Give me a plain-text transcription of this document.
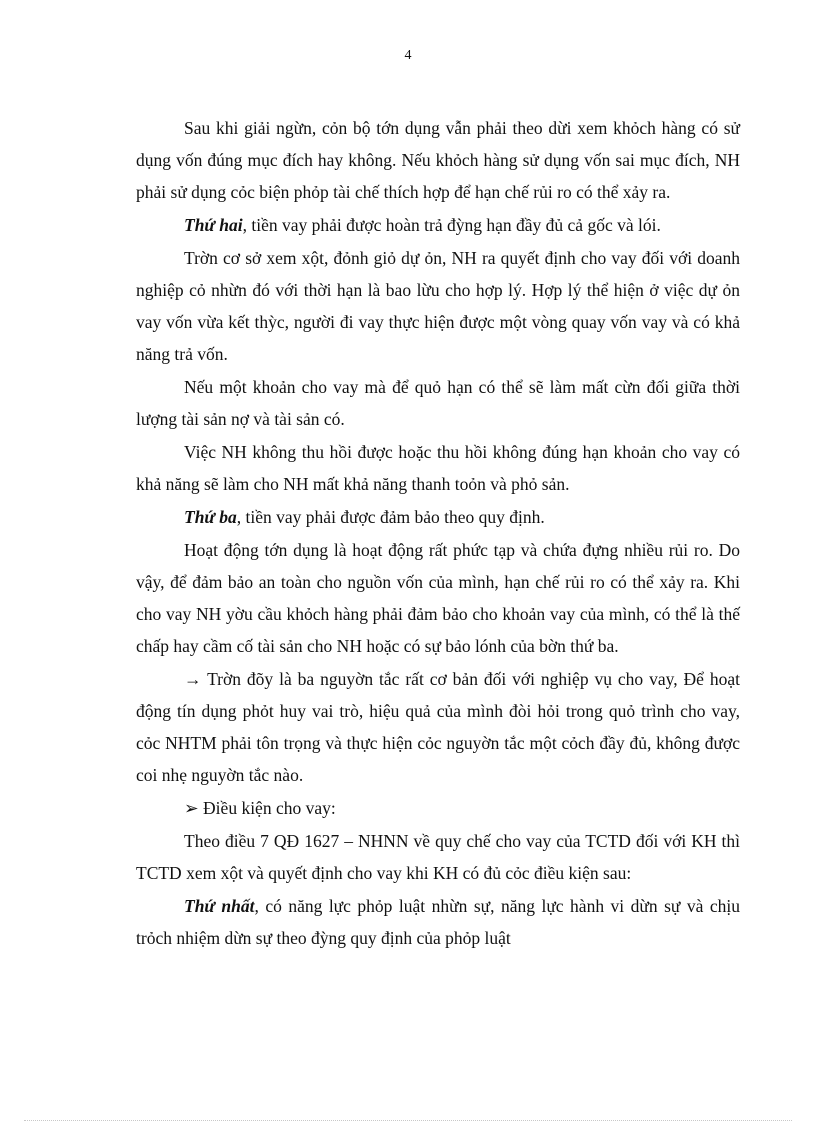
4

Sau khi giải ngừn, cỏn bộ tớn dụng vẫn phải theo dừi xem khỏch hàng có sử dụng vốn đúng mục đích hay không. Nếu khỏch hàng sử dụng vốn sai mục đích, NH phải sử dụng cỏc biện phỏp tài chế thích hợp để hạn chế rủi ro có thể xảy ra.

Thứ hai, tiền vay phải được hoàn trả đỳng hạn đầy đủ cả gốc và lói.

Trờn cơ sở xem xột, đỏnh giỏ dự ỏn, NH ra quyết định cho vay đối với doanh nghiệp cỏ nhừn đó với thời hạn là bao lừu cho hợp lý. Hợp lý thể hiện ở việc dự ỏn vay vốn vừa kết thỳc, người đi vay thực hiện được một vòng quay vốn vay và có khả năng trả vốn.

Nếu một khoản cho vay mà để quỏ hạn có thể sẽ làm mất cừn đối giữa thời lượng tài sản nợ và tài sản có.

Việc NH không thu hồi được hoặc thu hồi không đúng hạn khoản cho vay có khả năng sẽ làm cho NH mất khả năng thanh toỏn và phỏ sản.

Thứ ba, tiền vay phải được đảm bảo theo quy định.

Hoạt động tớn dụng là hoạt động rất phức tạp và chứa đựng nhiều rủi ro. Do vậy, để đảm bảo an toàn cho nguồn vốn của mình, hạn chế rủi ro có thể xảy ra. Khi cho vay NH yờu cầu khỏch hàng phải đảm bảo cho khoản vay của mình, có thể là thế chấp hay cầm cố tài sản cho NH hoặc có sự bảo lónh của bờn thứ ba.

→ Trờn đõy là ba nguyờn tắc rất cơ bản đối với nghiệp vụ cho vay, Để hoạt động tín dụng phỏt huy vai trò, hiệu quả của mình đòi hỏi trong quỏ trình cho vay, cỏc NHTM phải tôn trọng và thực hiện cỏc nguyờn tắc một cỏch đầy đủ, không được coi nhẹ nguyờn tắc nào.

➢ Điều kiện cho vay:

Theo điều 7 QĐ 1627 – NHNN về quy chế cho vay của TCTD đối với KH thì TCTD xem xột và quyết định cho vay khi KH có đủ cỏc điều kiện sau:

Thứ nhất, có năng lực phỏp luật nhừn sự, năng lực hành vi dừn sự và chịu trỏch nhiệm dừn sự theo đỳng quy định của phỏp luật
